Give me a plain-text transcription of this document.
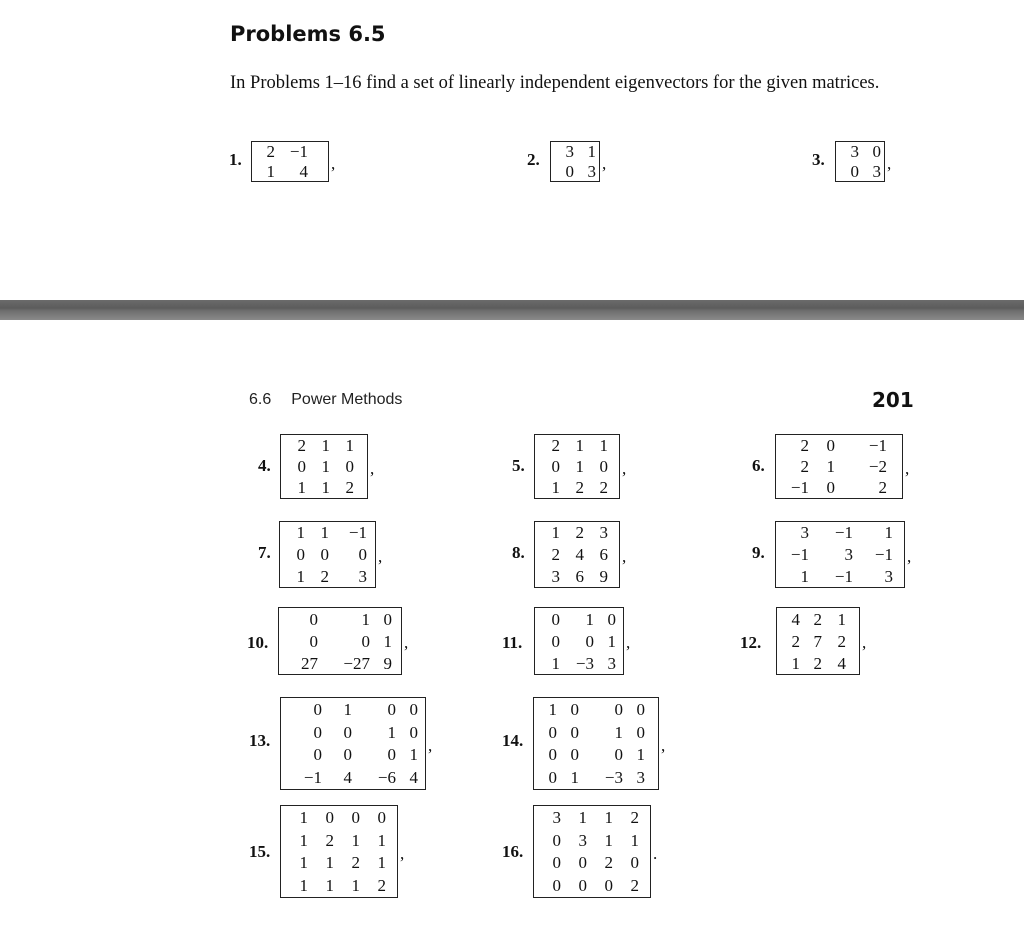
Problems 6.5

In Problems 1–16 find a set of linearly independent eigenvectors for the given matrices.

6.6 Power Methods	201
1.	2 −1
1	4 ,	2.	3 1
0 3 ,	3.	3 0
0 3 ,
4.
2 1 1
0 1 0
1 1 2
,	5.
2 1 1
0 1 0
1 2 2
,	6.
2	0	−1
2	1	−2
−1	0	2
,
7.
1 1	−1
0 0	0
1 2	3
,	8.
1 2 3
2 4 6
3 6 9
,	9.
3	−1	1
−1	3	−1
1	−1	3
,
10.
0	1 0
0	0 1
27	−27 9
,	11.
0	1 0
0	0 1
1 −3 3
,	12.
4 2 1
2 7 2
1 2 4
,
13.
0	1	0 0
0	0	1 0
0	0	0 1
−1	4	−6 4
,	14.
1 0	0 0
0 0	1 0
0 0	0 1
0 1	−3 3
,
15.
1	0	0	0
1	2	1	1
1	1	2	1
1	1	1	2
,	16.
3	1	1	2
0	3	1	1
0	0	2	0
0	0	0	2
.
